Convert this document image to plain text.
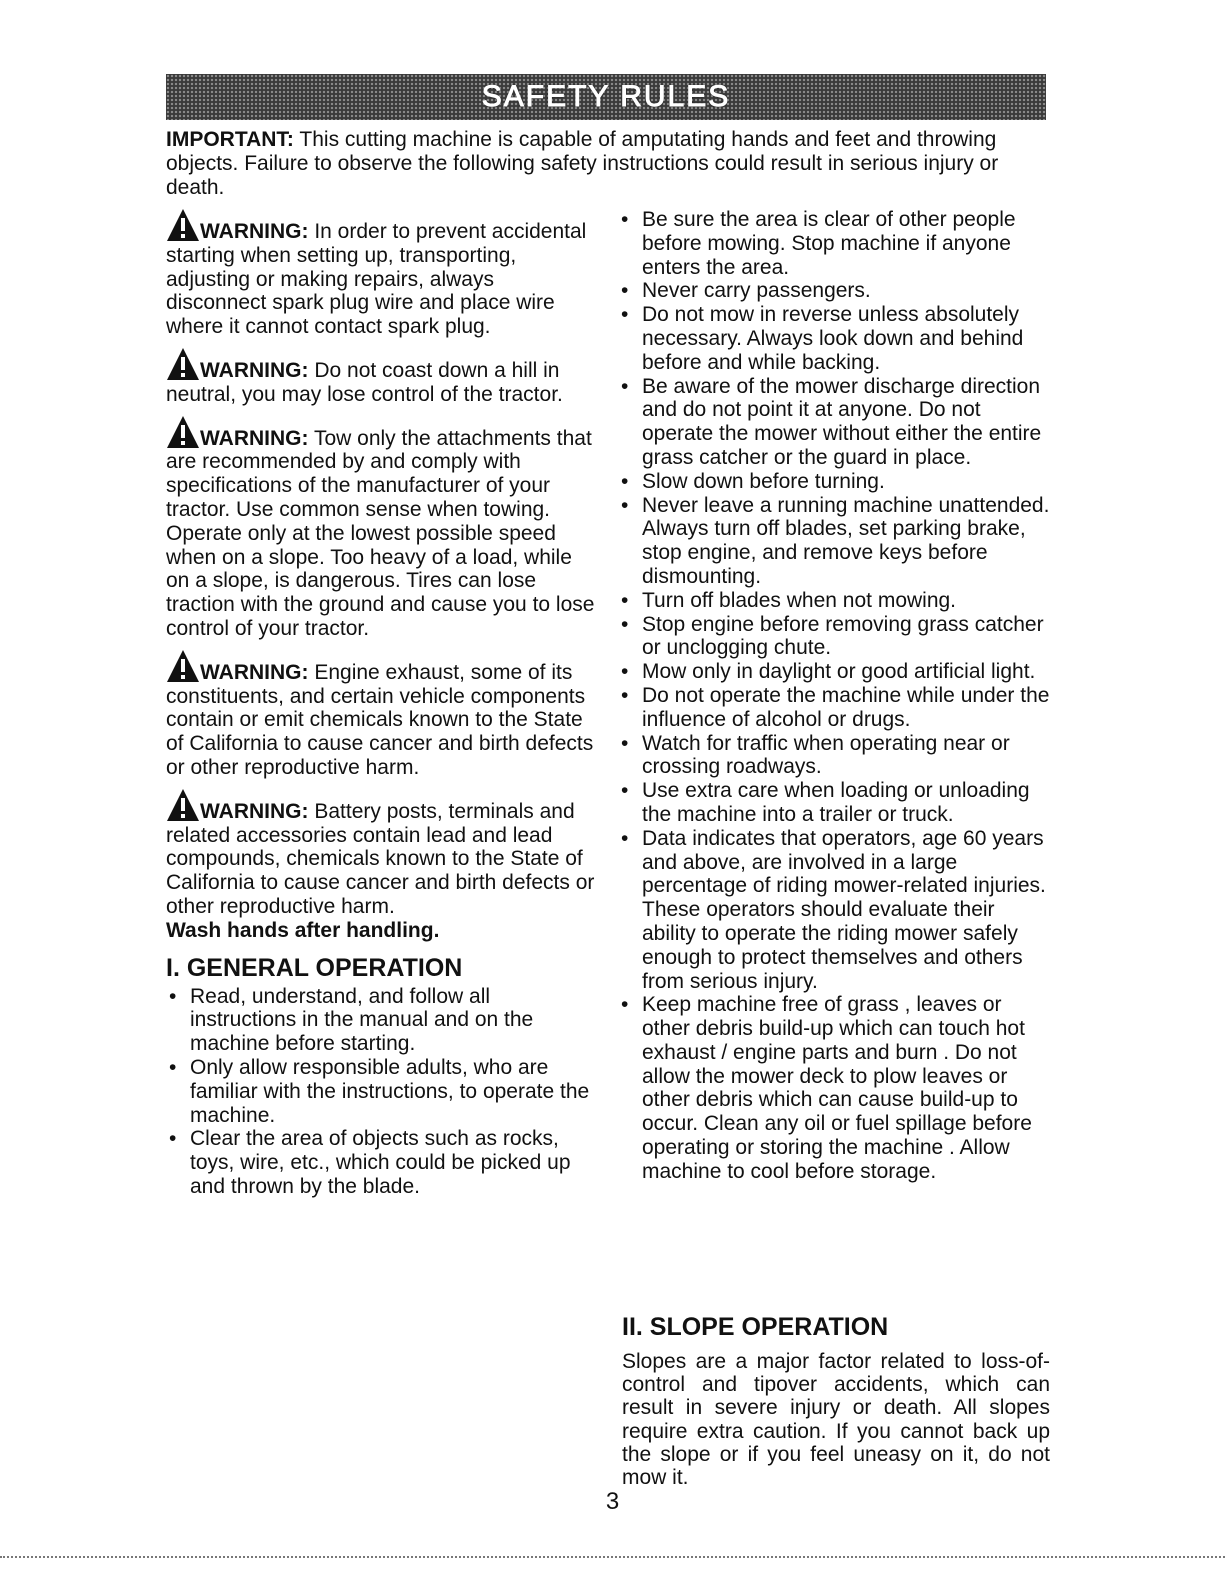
SAFETY RULES
IMPORTANT: This cutting machine is capable of amputating hands and feet and throwing objects. Failure to observe the following safety instructions could result in serious injury or death.
WARNING: In order to prevent accidental starting when setting up, transporting, adjusting or making repairs, always disconnect spark plug wire and place wire where it cannot contact spark plug.
WARNING: Do not coast down a hill in neutral, you may lose control of the tractor.
WARNING: Tow only the attachments that are recommended by and comply with specifications of the manufacturer of your tractor. Use common sense when towing. Operate only at the lowest possible speed when on a slope. Too heavy of a load, while on a slope, is dangerous. Tires can lose traction with the ground and cause you to lose control of your tractor.
WARNING: Engine exhaust, some of its constituents, and certain vehicle components contain or emit chemicals known to the State of California to cause cancer and birth defects or other reproductive harm.
WARNING: Battery posts, terminals and related accessories contain lead and lead compounds, chemicals known to the State of California to cause cancer and birth defects or other reproductive harm.
Wash hands after handling.
I. GENERAL OPERATION
• Read, understand, and follow all instructions in the manual and on the machine before starting.
• Only allow responsible adults, who are familiar with the instructions, to operate the machine.
• Clear the area of objects such as rocks, toys, wire, etc., which could be picked up and thrown by the blade.
• Be sure the area is clear of other people before mowing. Stop machine if anyone enters the area.
• Never carry passengers.
• Do not mow in reverse unless absolutely necessary. Always look down and behind before and while backing.
• Be aware of the mower discharge direction and do not point it at anyone. Do not operate the mower without either the entire grass catcher or the guard in place.
• Slow down before turning.
• Never leave a running machine unattended. Always turn off blades, set parking brake, stop engine, and remove keys before dismounting.
• Turn off blades when not mowing.
• Stop engine before removing grass catcher or unclogging chute.
• Mow only in daylight or good artificial light.
• Do not operate the machine while under the influence of alcohol or drugs.
• Watch for traffic when operating near or crossing roadways.
• Use extra care when loading or unloading the machine into a trailer or truck.
• Data indicates that operators, age 60 years and above, are involved in a large percentage of riding mower-related injuries. These operators should evaluate their ability to operate the riding mower safely enough to protect themselves and others from serious injury.
• Keep machine free of grass , leaves or other debris build-up which can touch hot exhaust / engine parts and burn . Do not allow the mower deck to plow leaves or other debris which can cause build-up to occur. Clean any oil or fuel spillage before operating or storing the machine . Allow machine to cool before storage.
II. SLOPE OPERATION
Slopes are a major factor related to loss-of-control and tipover accidents, which can result in severe injury or death. All slopes require extra caution. If you cannot back up the slope or if you feel uneasy on it, do not mow it.
3
